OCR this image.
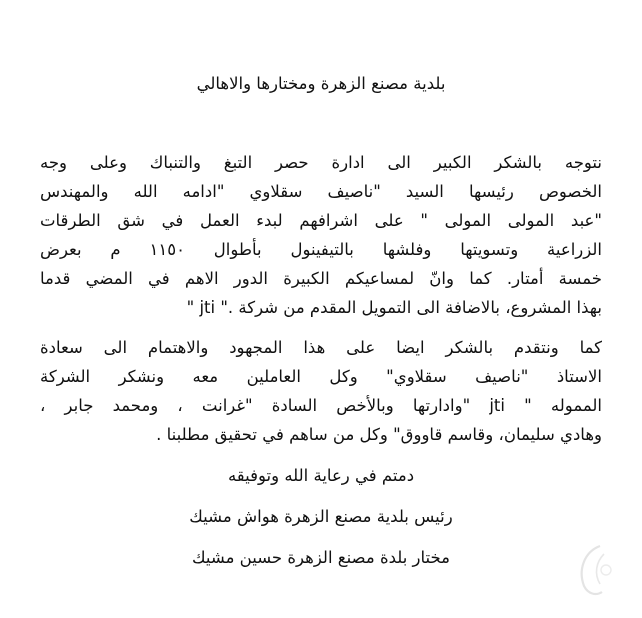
بلدية مصنع الزهرة ومختارها والاهالي
نتوجه بالشكر الكبير الى ادارة حصر التبغ والتنباك وعلى وجه
الخصوص رئيسها السيد "ناصيف سقلاوي "ادامه الله والمهندس
"عبد المولى المولى " على اشرافهم لبدء العمل في شق الطرقات
الزراعية وتسويتها وفلشها بالتيفينول بأطوال ١١٥٠ م بعرض
خمسة أمتار. كما وانّ لمساعيكم الكبيرة الدور الاهم في المضي قدما
بهذا المشروع، بالاضافة الى التمويل المقدم من شركة ." jti "
كما ونتقدم بالشكر ايضا على هذا المجهود والاهتمام الى سعادة
الاستاذ "ناصيف سقلاوي" وكل العاملين معه ونشكر الشركة
المموله " jti "وادارتها وبالأخص السادة "غرانت ، ومحمد جابر ،
وهادي سليمان، وقاسم قاووق" وكل من ساهم في تحقيق مطلبنا .
دمتم في رعاية الله وتوفيقه
رئيس بلدية مصنع الزهرة هواش مشيك
مختار بلدة مصنع الزهرة حسين مشيك
